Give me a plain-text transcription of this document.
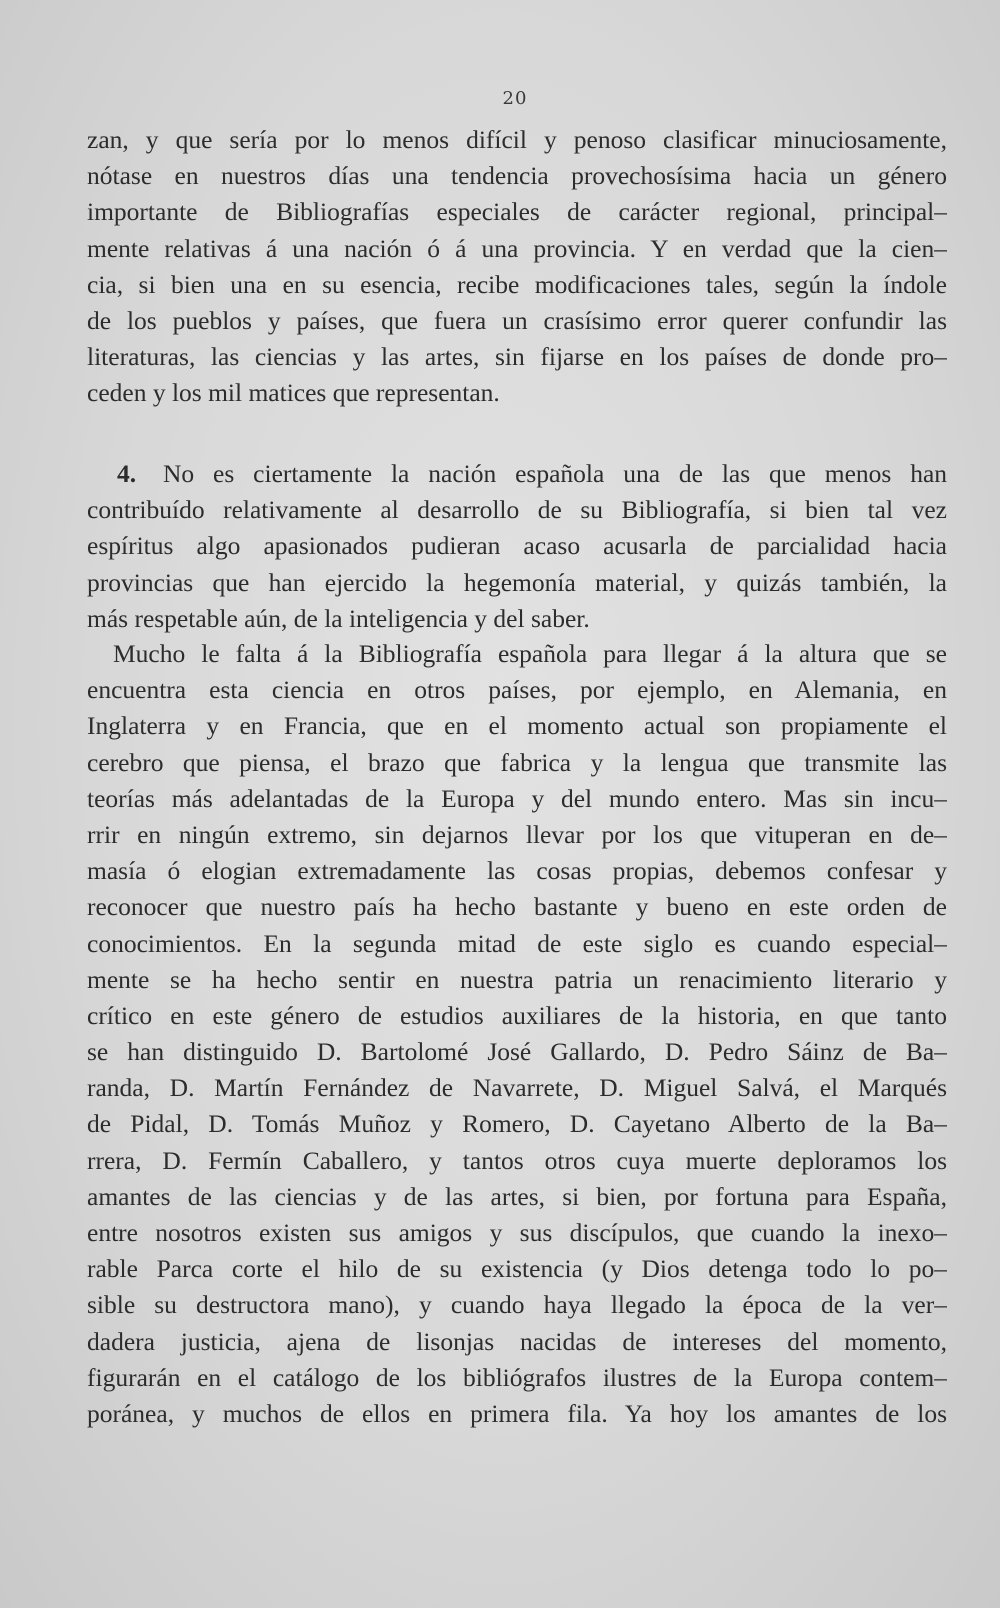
20
zan, y que sería por lo menos difícil y penoso clasificar minuciosamente,
nótase en nuestros días una tendencia provechosísima hacia un género
importante de Bibliografías especiales de carácter regional, principal–
mente relativas á una nación ó á una provincia. Y en verdad que la cien–
cia, si bien una en su esencia, recibe modificaciones tales, según la índole
de los pueblos y países, que fuera un crasísimo error querer confundir las
literaturas, las ciencias y las artes, sin fijarse en los países de donde pro–
ceden y los mil matices que representan.
4. No es ciertamente la nación española una de las que menos han
contribuído relativamente al desarrollo de su Bibliografía, si bien tal vez
espíritus algo apasionados pudieran acaso acusarla de parcialidad hacia
provincias que han ejercido la hegemonía material, y quizás también, la
más respetable aún, de la inteligencia y del saber.
Mucho le falta á la Bibliografía española para llegar á la altura que se
encuentra esta ciencia en otros países, por ejemplo, en Alemania, en
Inglaterra y en Francia, que en el momento actual son propiamente el
cerebro que piensa, el brazo que fabrica y la lengua que transmite las
teorías más adelantadas de la Europa y del mundo entero. Mas sin incu–
rrir en ningún extremo, sin dejarnos llevar por los que vituperan en de–
masía ó elogian extremadamente las cosas propias, debemos confesar y
reconocer que nuestro país ha hecho bastante y bueno en este orden de
conocimientos. En la segunda mitad de este siglo es cuando especial–
mente se ha hecho sentir en nuestra patria un renacimiento literario y
crítico en este género de estudios auxiliares de la historia, en que tanto
se han distinguido D. Bartolomé José Gallardo, D. Pedro Sáinz de Ba–
randa, D. Martín Fernández de Navarrete, D. Miguel Salvá, el Marqués
de Pidal, D. Tomás Muñoz y Romero, D. Cayetano Alberto de la Ba–
rrera, D. Fermín Caballero, y tantos otros cuya muerte deploramos los
amantes de las ciencias y de las artes, si bien, por fortuna para España,
entre nosotros existen sus amigos y sus discípulos, que cuando la inexo–
rable Parca corte el hilo de su existencia (y Dios detenga todo lo po–
sible su destructora mano), y cuando haya llegado la época de la ver–
dadera justicia, ajena de lisonjas nacidas de intereses del momento,
figurarán en el catálogo de los bibliógrafos ilustres de la Europa contem–
poránea, y muchos de ellos en primera fila. Ya hoy los amantes de los
